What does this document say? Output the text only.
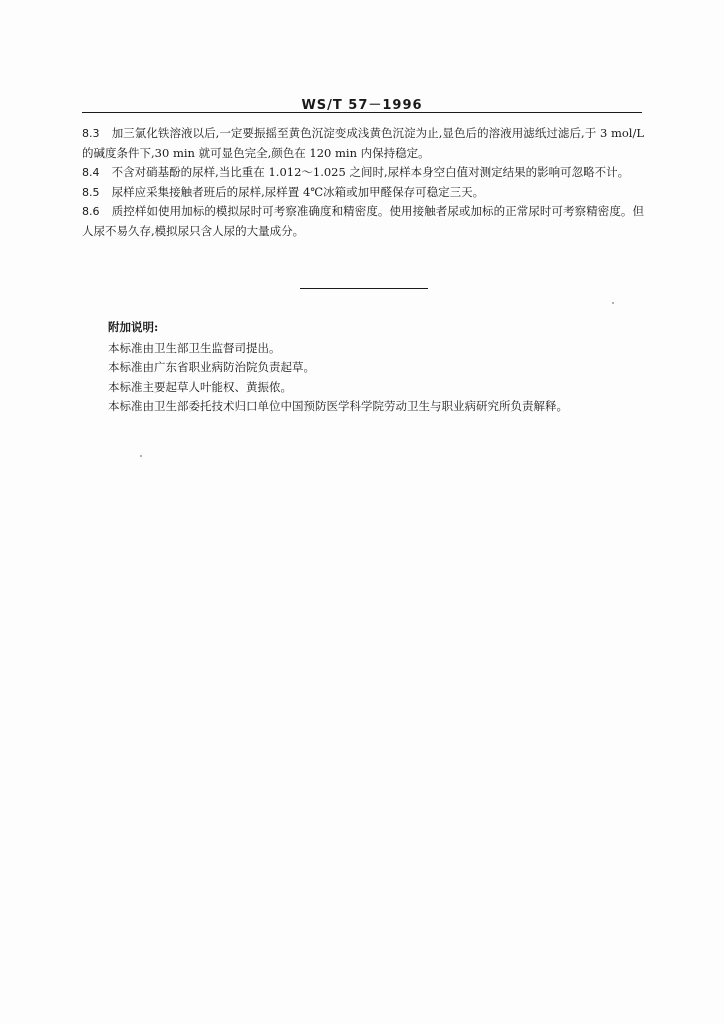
WS/T 57－1996

8.3 加三氯化铁溶液以后,一定要振摇至黄色沉淀变成浅黄色沉淀为止,显色后的溶液用滤纸过滤后,于 3 mol/L 的碱度条件下,30 min 就可显色完全,颜色在 120 min 内保持稳定。

8.4 不含对硝基酚的尿样,当比重在 1.012～1.025 之间时,尿样本身空白值对测定结果的影响可忽略不计。

8.5 尿样应采集接触者班后的尿样,尿样置 4℃冰箱或加甲醛保存可稳定三天。

8.6 质控样如使用加标的模拟尿时可考察准确度和精密度。使用接触者尿或加标的正常尿时可考察精密度。但人尿不易久存,模拟尿只含人尿的大量成分。

附加说明:

本标准由卫生部卫生监督司提出。

本标准由广东省职业病防治院负责起草。

本标准主要起草人叶能权、黄振侬。

本标准由卫生部委托技术归口单位中国预防医学科学院劳动卫生与职业病研究所负责解释。
